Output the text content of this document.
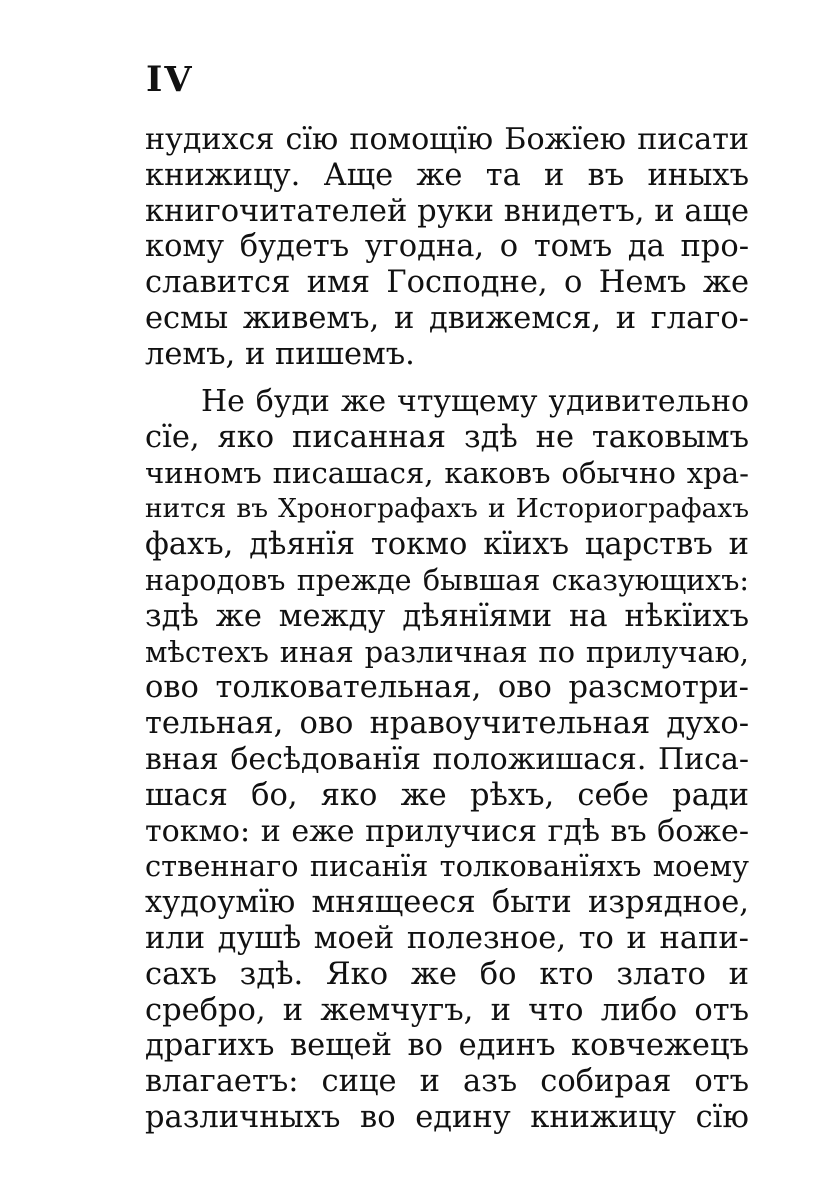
IV
нудихся сїю помощїю Божїею писати
книжицу. Аще же та и въ иныхъ
книгочитателей руки внидетъ, и аще
кому будетъ угодна, о томъ да про-
славится имя Господне, о Немъ же
есмы живемъ, и движемся, и глаго-
лемъ, и пишемъ.
Не буди же чтущему удивительно
сїе, яко писанная здѣ не таковымъ
чиномъ писашася, каковъ обычно хра-
нится въ Хронографахъ и Историографахъ
фахъ, дѣянїя токмо кїихъ царствъ и
народовъ прежде бывшая сказующихъ:
здѣ же между дѣянїями на нѣкїихъ
мѣстехъ иная различная по прилучаю,
ово толковательная, ово разсмотри-
тельная, ово нравоучительная духо-
вная бесѣдованїя положишася. Писа-
шася бо, яко же рѣхъ, себе ради
токмо: и еже прилучися гдѣ въ боже-
ственнаго писанїя толкованїяхъ моему
худоумїю мнящееся быти изрядное,
или душѣ моей полезное, то и напи-
сахъ здѣ. Яко же бо кто злато и
сребро, и жемчугъ, и что либо отъ
драгихъ вещей во единъ ковчежецъ
влагаетъ: сице и азъ собирая отъ
различныхъ во едину книжицу сїю
